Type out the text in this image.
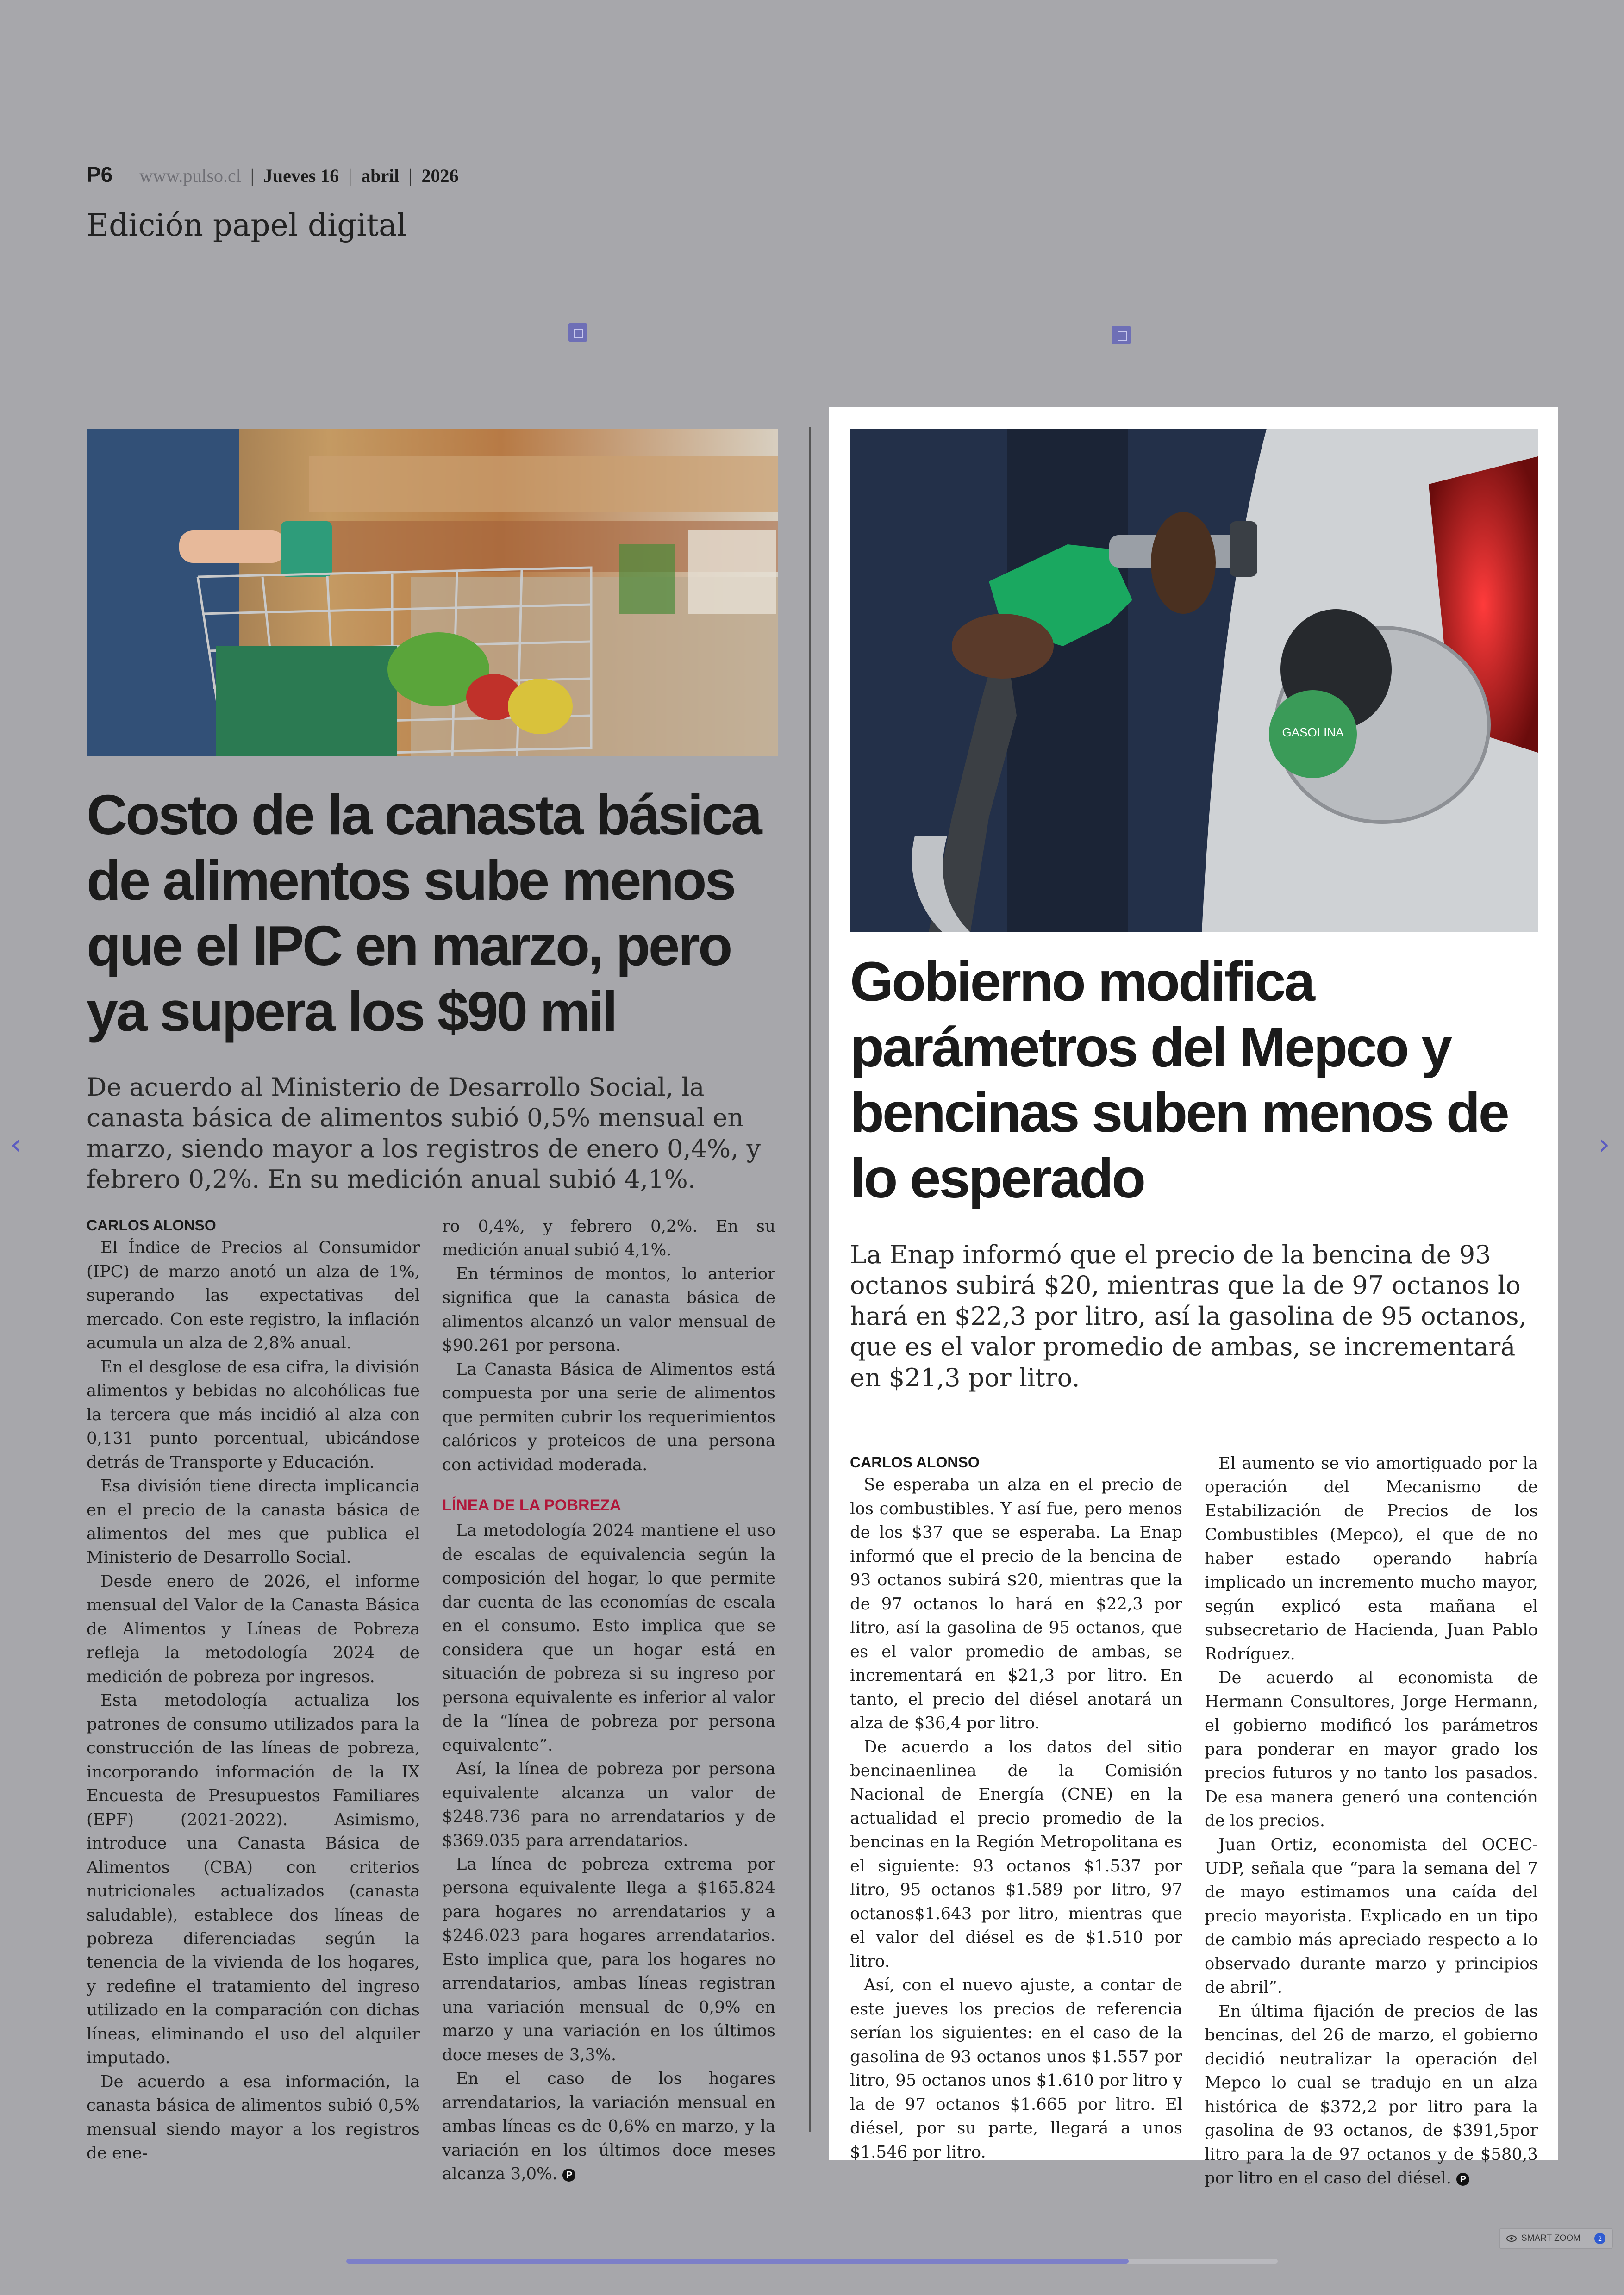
P6 www.pulso.cl | Jueves 16 | abril | 2026
Edición papel digital
Costo de la canasta básica de alimentos sube menos que el IPC en marzo, pero ya supera los $90 mil

De acuerdo al Ministerio de Desarrollo Social, la canasta básica de alimentos subió 0,5% mensual en marzo, siendo mayor a los registros de enero 0,4%, y febrero 0,2%. En su medición anual subió 4,1%.

CARLOS ALONSO

El Índice de Precios al Consumidor (IPC) de marzo anotó un alza de 1%, superando las expectativas del mercado. Con este registro, la inflación acumula un alza de 2,8% anual.

En el desglose de esa cifra, la división alimentos y bebidas no alcohólicas fue la tercera que más incidió al alza con 0,131 punto porcentual, ubicándose detrás de Transporte y Educación.

Esa división tiene directa implicancia en el precio de la canasta básica de alimentos del mes que publica el Ministerio de Desarrollo Social.

Desde enero de 2026, el informe mensual del Valor de la Canasta Básica de Alimentos y Líneas de Pobreza refleja la metodología 2024 de medición de pobreza por ingresos.

Esta metodología actualiza los patrones de consumo utilizados para la construcción de las líneas de pobreza, incorporando información de la IX Encuesta de Presupuestos Familiares (EPF) (2021-2022). Asimismo, introduce una Canasta Básica de Alimentos (CBA) con criterios nutricionales actualizados (canasta saludable), establece dos líneas de pobreza diferenciadas según la tenencia de la vivienda de los hogares, y redefine el tratamiento del ingreso utilizado en la comparación con dichas líneas, eliminando el uso del alquiler imputado.

De acuerdo a esa información, la canasta básica de alimentos subió 0,5% mensual siendo mayor a los registros de ene-

ro 0,4%, y febrero 0,2%. En su medición anual subió 4,1%.

En términos de montos, lo anterior significa que la canasta básica de alimentos alcanzó un valor mensual de $90.261 por persona.

La Canasta Básica de Alimentos está compuesta por una serie de alimentos que permiten cubrir los requerimientos calóricos y proteicos de una persona con actividad moderada.

LÍNEA DE LA POBREZA

La metodología 2024 mantiene el uso de escalas de equivalencia según la composición del hogar, lo que permite dar cuenta de las economías de escala en el consumo. Esto implica que se considera que un hogar está en situación de pobreza si su ingreso por persona equivalente es inferior al valor de la “línea de pobreza por persona equivalente”.

Así, la línea de pobreza por persona equivalente alcanza un valor de $248.736 para no arrendatarios y de $369.035 para arrendatarios.

La línea de pobreza extrema por persona equivalente llega a $165.824 para hogares no arrendatarios y a $246.023 para hogares arrendatarios. Esto implica que, para los hogares no arrendatarios, ambas líneas registran una variación mensual de 0,9% en marzo y una variación en los últimos doce meses de 3,3%.

En el caso de los hogares arrendatarios, la variación mensual en ambas líneas es de 0,6% en marzo, y la variación en los últimos doce meses alcanza 3,0%. P

GASOLINA
Gobierno modifica parámetros del Mepco y bencinas suben menos de lo esperado

La Enap informó que el precio de la bencina de 93 octanos subirá $20, mientras que la de 97 octanos lo hará en $22,3 por litro, así la gasolina de 95 octanos, que es el valor promedio de ambas, se incrementará en $21,3 por litro.

CARLOS ALONSO

Se esperaba un alza en el precio de los combustibles. Y así fue, pero menos de los $37 que se esperaba. La Enap informó que el precio de la bencina de 93 octanos subirá $20, mientras que la de 97 octanos lo hará en $22,3 por litro, así la gasolina de 95 octanos, que es el valor promedio de ambas, se incrementará en $21,3 por litro. En tanto, el precio del diésel anotará un alza de $36,4 por litro.

De acuerdo a los datos del sitio bencinaenlinea de la Comisión Nacional de Energía (CNE) en la actualidad el precio promedio de la bencinas en la Región Metropolitana es el siguiente: 93 octanos $1.537 por litro, 95 octanos $1.589 por litro, 97 octanos$1.643 por litro, mientras que el valor del diésel es de $1.510 por litro.

Así, con el nuevo ajuste, a contar de este jueves los precios de referencia serían los siguientes: en el caso de la gasolina de 93 octanos unos $1.557 por litro, 95 octanos unos $1.610 por litro y la de 97 octanos $1.665 por litro. El diésel, por su parte, llegará a unos $1.546 por litro.

El aumento se vio amortiguado por la operación del Mecanismo de Estabilización de Precios de los Combustibles (Mepco), el que de no haber estado operando habría implicado un incremento mucho mayor, según explicó esta mañana el subsecretario de Hacienda, Juan Pablo Rodríguez.

De acuerdo al economista de Hermann Consultores, Jorge Hermann, el gobierno modificó los parámetros para ponderar en mayor grado los precios futuros y no tanto los pasados. De esa manera generó una contención de los precios.

Juan Ortiz, economista del OCEC-UDP, señala que “para la semana del 7 de mayo estimamos una caída del precio mayorista. Explicado en un tipo de cambio más apreciado respecto a lo observado durante marzo y principios de abril”.

En última fijación de precios de las bencinas, del 26 de marzo, el gobierno decidió neutralizar la operación del Mepco lo cual se tradujo en un alza histórica de $372,2 por litro para la gasolina de 93 octanos, de $391,5por litro para la de 97 octanos y de $580,3 por litro en el caso del diésel. P

‹	›
SMART ZOOM	2
